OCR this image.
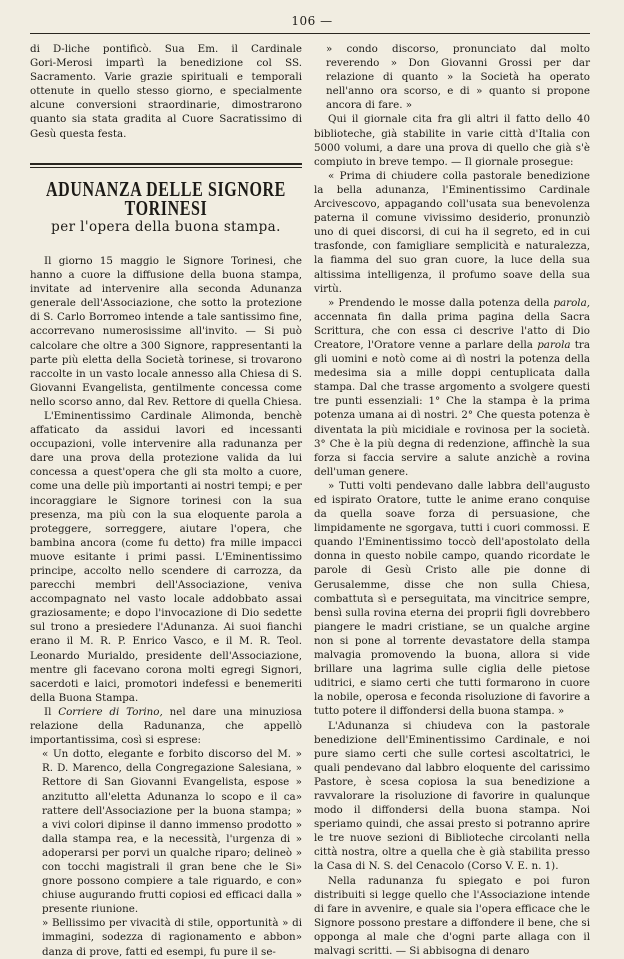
106 —

di D‑liche pontificò. Sua Em. il Cardinale Gori‑Merosi impartì la benedizione col SS. Sacramento. Varie grazie spirituali e temporali ottenute in quello stesso giorno, e specialmente alcune conversioni straordinarie, dimostrarono quanto sia stata gradita al Cuore Sacratissimo di Gesù questa festa.

ADUNANZA DELLE SIGNORE TORINESI
per l'opera della buona stampa.

Il giorno 15 maggio le Signore Torinesi, che hanno a cuore la diffusione della buona stampa, invitate ad intervenire alla seconda Adunanza generale dell'Associazione, che sotto la protezione di S. Carlo Borromeo intende a tale santissimo fine, accorrevano numerosissime all'invito. — Si può calcolare che oltre a 300 Signore, rappresentanti la parte più eletta della Società torinese, si trovarono raccolte in un vasto locale annesso alla Chiesa di S. Giovanni Evangelista, gentilmente concessa come nello scorso anno, dal Rev. Rettore di quella Chiesa.

L'Eminentissimo Cardinale Alimonda, benchè affaticato da assidui lavori ed incessanti occupazioni, volle intervenire alla radunanza per dare una prova della protezione valida da lui concessa a quest'opera che gli sta molto a cuore, come una delle più importanti ai nostri tempi; e per incoraggiare le Signore torinesi con la sua presenza, ma più con la sua eloquente parola a proteggere, sorreggere, aiutare l'opera, che bambina ancora (come fu detto) fra mille impacci muove esitante i primi passi. L'Eminentissimo principe, accolto nello scendere di carrozza, da parecchi membri dell'Associazione, veniva accompagnato nel vasto locale addobbato assai graziosamente; e dopo l'invocazione di Dio sedette sul trono a presiedere l'Adunanza. Ai suoi fianchi erano il M. R. P. Enrico Vasco, e il M. R. Teol. Leonardo Murialdo, presidente dell'Associazione, mentre gli facevano corona molti egregi Signori, sacerdoti e laici, promotori indefessi e benemeriti della Buona Stampa.

Il Corriere di Torino, nel dare una minuziosa relazione della Radunanza, che appellò importantissima, così si esprese:

« Un dotto, elegante e forbito discorso del M. » R. D. Marenco, della Congregazione Salesiana, » Rettore di San Giovanni Evangelista, espose » anzitutto all'eletta Adunanza lo scopo e il ca» rattere dell'Associazione per la buona stampa; » a vivi colori dipinse il danno immenso prodotto » dalla stampa rea, e la necessità, l'urgenza di » adoperarsi per porvi un qualche riparo; delineò » con tocchi magistrali il gran bene che le Si» gnore possono compiere a tale riguardo, e con» chiuse augurando frutti copiosi ed efficaci dalla » presente riunione.

» Bellissimo per vivacità di stile, opportunità » di immagini, sodezza di ragionamento e abbon» danza di prove, fatti ed esempi, fu pure il se-

» condo discorso, pronunciato dal molto reverendo » Don Giovanni Grossi per dar relazione di quanto » la Società ha operato nell'anno ora scorso, e di » quanto si propone ancora di fare. »

Qui il giornale cita fra gli altri il fatto dello 40 biblioteche, già stabilite in varie città d'Italia con 5000 volumi, a dare una prova di quello che già s'è compiuto in breve tempo. — Il giornale prosegue:

« Prima di chiudere colla pastorale benedizione la bella adunanza, l'Eminentissimo Cardinale Arcivescovo, appagando coll'usata sua benevolenza paterna il comune vivissimo desiderio, pronunziò uno di quei discorsi, di cui ha il segreto, ed in cui trasfonde, con famigliare semplicità e naturalezza, la fiamma del suo gran cuore, la luce della sua altissima intelligenza, il profumo soave della sua virtù.

» Prendendo le mosse dalla potenza della parola, accennata fin dalla prima pagina della Sacra Scrittura, che con essa ci descrive l'atto di Dio Creatore, l'Oratore venne a parlare della parola tra gli uomini e notò come ai dì nostri la potenza della medesima sia a mille doppi centuplicata dalla stampa. Dal che trasse argomento a svolgere questi tre punti essenziali: 1° Che la stampa è la prima potenza umana ai dì nostri. 2° Che questa potenza è diventata la più micidiale e rovinosa per la società. 3° Che è la più degna di redenzione, affinchè la sua forza si faccia servire a salute anzichè a rovina dell'uman genere.

» Tutti volti pendevano dalle labbra dell'augusto ed ispirato Oratore, tutte le anime erano conquise da quella soave forza di persuasione, che limpidamente ne sgorgava, tutti i cuori commossi. E quando l'Eminentissimo toccò dell'apostolato della donna in questo nobile campo, quando ricordate le parole di Gesù Cristo alle pie donne di Gerusalemme, disse che non sulla Chiesa, combattuta sì e perseguitata, ma vincitrice sempre, bensì sulla rovina eterna dei proprii figli dovrebbero piangere le madri cristiane, se un qualche argine non si pone al torrente devastatore della stampa malvagia promovendo la buona, allora si vide brillare una lagrima sulle ciglia delle pietose uditrici, e siamo certi che tutti formarono in cuore la nobile, operosa e feconda risoluzione di favorire a tutto potere il diffondersi della buona stampa. »

L'Adunanza si chiudeva con la pastorale benedizione dell'Eminentissimo Cardinale, e noi pure siamo certi che sulle cortesi ascoltatrici, le quali pendevano dal labbro eloquente del carissimo Pastore, è scesa copiosa la sua benedizione a ravvalorare la risoluzione di favorire in qualunque modo il diffondersi della buona stampa. Noi speriamo quindi, che assai presto si potranno aprire le tre nuove sezioni di Biblioteche circolanti nella città nostra, oltre a quella che è già stabilita presso la Casa di N. S. del Cenacolo (Corso V. E. n. 1).

Nella radunanza fu spiegato e poi furon distribuiti si legge quello che l'Associazione intende di fare in avvenire, e quale sia l'opera efficace che le Signore possono prestare a diffondere il bene, che si opponga al male che d'ogni parte allaga con il malvagi scritti. — Si abbisogna di denaro
